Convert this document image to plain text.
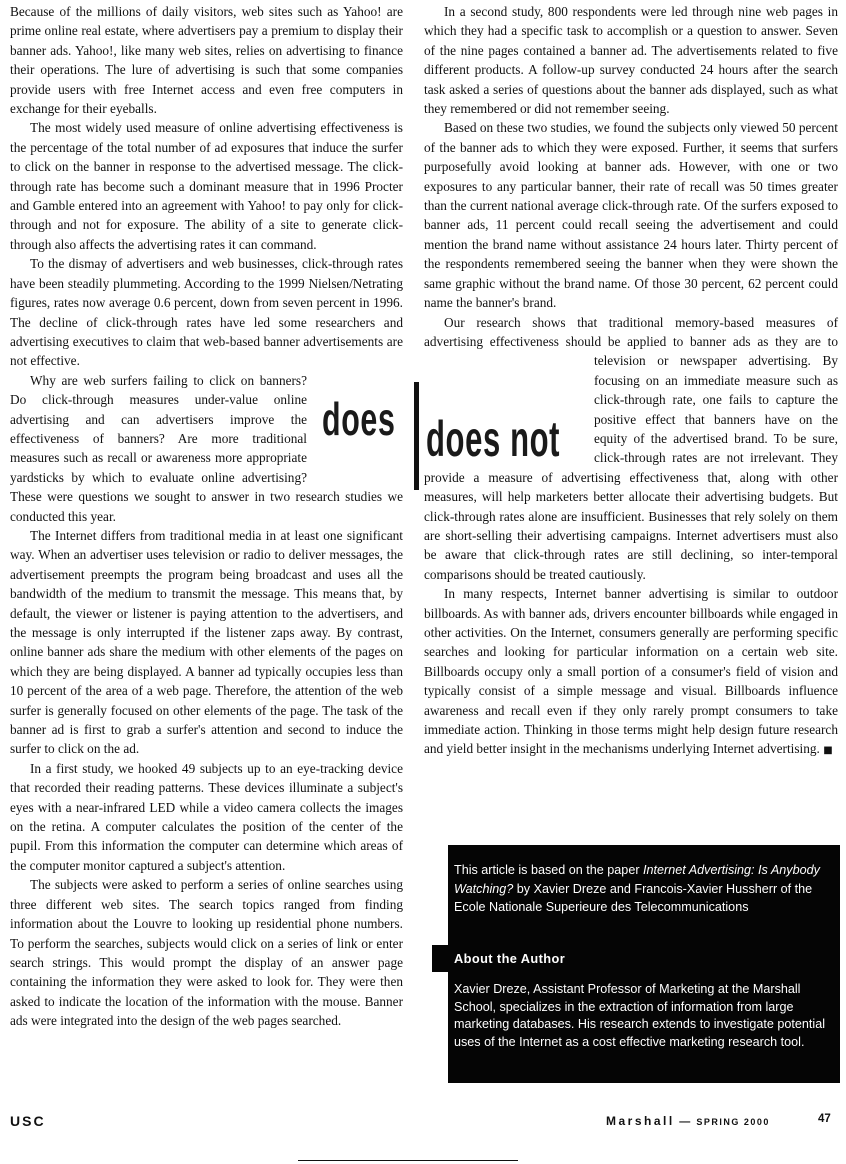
Because of the millions of daily visitors, web sites such as Yahoo! are prime online real estate, where advertisers pay a premium to display their banner ads. Yahoo!, like many web sites, relies on advertising to finance their operations. The lure of advertising is such that some companies provide users with free Internet access and even free computers in exchange for their eyeballs.

The most widely used measure of online advertising effectiveness is the percentage of the total number of ad exposures that induce the surfer to click on the banner in response to the advertised message. The click-through rate has become such a dominant measure that in 1996 Procter and Gamble entered into an agreement with Yahoo! to pay only for click-through and not for exposure. The ability of a site to generate click-through also affects the advertising rates it can command.

To the dismay of advertisers and web businesses, click-through rates have been steadily plummeting. According to the 1999 Nielsen/Netrating figures, rates now average 0.6 percent, down from seven percent in 1996. The decline of click-through rates have led some researchers and advertising executives to claim that web-based banner advertisements are not effective.

Why are web surfers failing to click on banners? Do click-through measures under-value online advertising and can advertisers improve the effectiveness of banners? Are more traditional measures such as recall or awareness more appropriate yardsticks by which to evaluate online advertising? These were questions we sought to answer in two research studies we conducted this year.

The Internet differs from traditional media in at least one significant way. When an advertiser uses television or radio to deliver messages, the advertisement preempts the program being broadcast and uses all the bandwidth of the medium to transmit the message. This means that, by default, the viewer or listener is paying attention to the advertisers, and the message is only interrupted if the listener zaps away. By contrast, online banner ads share the medium with other elements of the pages on which they are being displayed. A banner ad typically occupies less than 10 percent of the area of a web page. Therefore, the attention of the web surfer is generally focused on other elements of the page. The task of the banner ad is first to grab a surfer's attention and second to induce the surfer to click on the ad.

In a first study, we hooked 49 subjects up to an eye-tracking device that recorded their reading patterns. These devices illuminate a subject's eyes with a near-infrared LED while a video camera collects the images on the retina. A computer calculates the position of the center of the pupil. From this information the computer can determine which areas of the computer monitor captured a subject's attention.

The subjects were asked to perform a series of online searches using three different web sites. The search topics ranged from finding information about the Louvre to looking up residential phone numbers. To perform the searches, subjects would click on a series of link or enter search strings. This would prompt the display of an answer page containing the information they were asked to look for. They were then asked to indicate the location of the information with the mouse. Banner ads were integrated into the design of the web pages searched.

In a second study, 800 respondents were led through nine web pages in which they had a specific task to accomplish or a question to answer. Seven of the nine pages contained a banner ad. The advertisements related to five different products. A follow-up survey conducted 24 hours after the search task asked a series of questions about the banner ads displayed, such as what they remembered or did not remember seeing.

Based on these two studies, we found the subjects only viewed 50 percent of the banner ads to which they were exposed. Further, it seems that surfers purposefully avoid looking at banner ads. However, with one or two exposures to any particular banner, their rate of recall was 50 times greater than the current national average click-through rate. Of the surfers exposed to banner ads, 11 percent could recall seeing the advertisement and could mention the brand name without assistance 24 hours later. Thirty percent of the respondents remembered seeing the banner when they were shown the same graphic without the brand name. Of those 30 percent, 62 percent could name the banner's brand.

Our research shows that traditional memory-based measures of advertising effectiveness should be applied to banner ads as they are to
television or newspaper advertising. By focusing on an immediate measure such as click-through rate, one fails to capture the positive effect that banners have on the equity of the advertised brand. To be sure, click-through rates are not irrelevant. They provide a measure of advertising effectiveness that, along with other measures, will help marketers better allocate their advertising budgets. But click-through rates alone are insufficient. Businesses that rely solely on them are short-selling their advertising campaigns. Internet advertisers must also be aware that click-through rates are still declining, so inter-temporal comparisons should be treated cautiously.

In many respects, Internet banner advertising is similar to outdoor billboards. As with banner ads, drivers encounter billboards while engaged in other activities. On the Internet, consumers generally are performing specific searches and looking for particular information on a certain web site. Billboards occupy only a small portion of a consumer's field of vision and typically consist of a simple message and visual. Billboards influence awareness and recall even if they only rarely prompt consumers to take immediate action. Thinking in those terms might help design future research and yield better insight in the mechanisms underlying Internet advertising. ■

does does not
This article is based on the paper Internet Advertising: Is Anybody Watching? by Xavier Dreze and Francois-Xavier Hussherr of the Ecole Nationale Superieure des Telecommunications
About the Author
Xavier Dreze, Assistant Professor of Marketing at the Marshall School, specializes in the extraction of information from large marketing databases. His research extends to investigate potential uses of the Internet as a cost effective marketing research tool.
USC	Marshall — SPRING 2000	47
